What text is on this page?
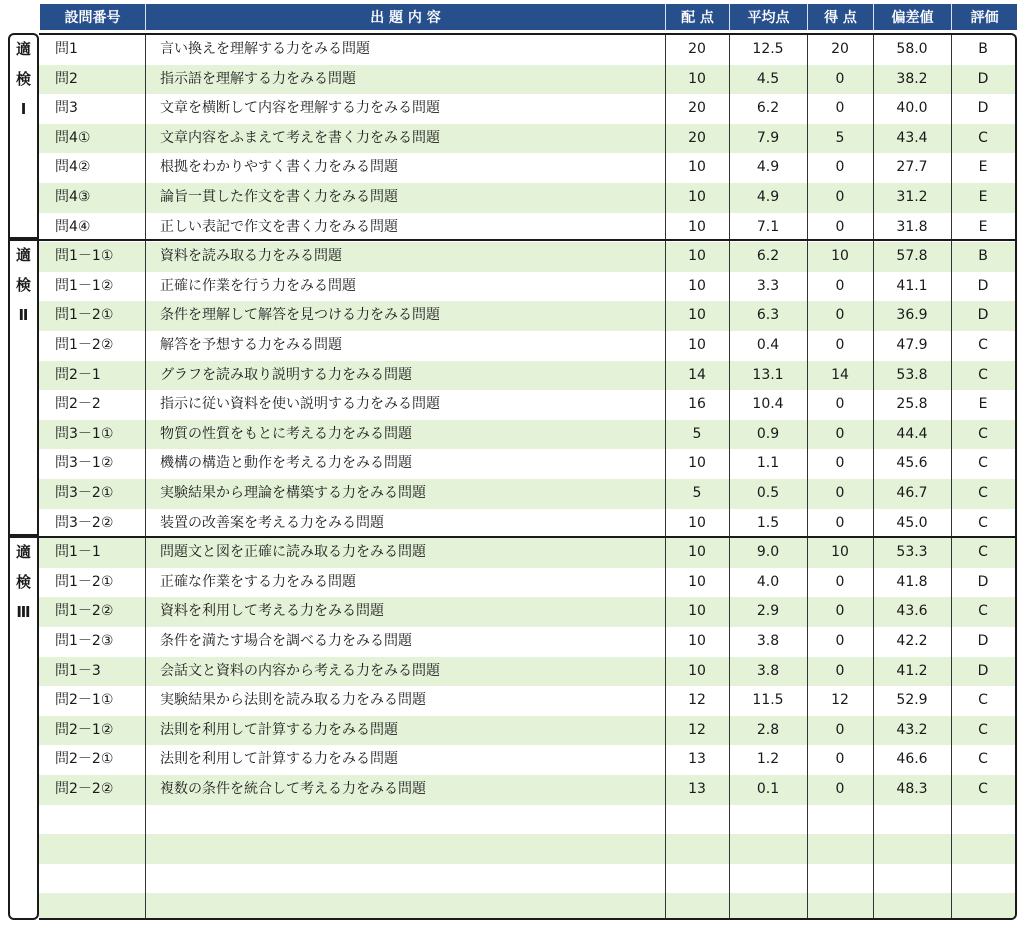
設問番号	出 題 内 容	配 点	平均点	得 点	偏差値	評価
適
検
Ⅰ
適
検
Ⅱ
適
検
Ⅲ
問1	言い換えを理解する力をみる問題	20	12.5	20	58.0	B
問2	指示語を理解する力をみる問題	10	4.5	0	38.2	D
問3	文章を横断して内容を理解する力をみる問題	20	6.2	0	40.0	D
問4①	文章内容をふまえて考えを書く力をみる問題	20	7.9	5	43.4	C
問4②	根拠をわかりやすく書く力をみる問題	10	4.9	0	27.7	E
問4③	論旨一貫した作文を書く力をみる問題	10	4.9	0	31.2	E
問4④	正しい表記で作文を書く力をみる問題	10	7.1	0	31.8	E
問1－1①	資料を読み取る力をみる問題	10	6.2	10	57.8	B
問1－1②	正確に作業を行う力をみる問題	10	3.3	0	41.1	D
問1－2①	条件を理解して解答を見つける力をみる問題	10	6.3	0	36.9	D
問1－2②	解答を予想する力をみる問題	10	0.4	0	47.9	C
問2－1	グラフを読み取り説明する力をみる問題	14	13.1	14	53.8	C
問2－2	指示に従い資料を使い説明する力をみる問題	16	10.4	0	25.8	E
問3－1①	物質の性質をもとに考える力をみる問題	5	0.9	0	44.4	C
問3－1②	機構の構造と動作を考える力をみる問題	10	1.1	0	45.6	C
問3－2①	実験結果から理論を構築する力をみる問題	5	0.5	0	46.7	C
問3－2②	装置の改善案を考える力をみる問題	10	1.5	0	45.0	C
問1－1	問題文と図を正確に読み取る力をみる問題	10	9.0	10	53.3	C
問1－2①	正確な作業をする力をみる問題	10	4.0	0	41.8	D
問1－2②	資料を利用して考える力をみる問題	10	2.9	0	43.6	C
問1－2③	条件を満たす場合を調べる力をみる問題	10	3.8	0	42.2	D
問1－3	会話文と資料の内容から考える力をみる問題	10	3.8	0	41.2	D
問2－1①	実験結果から法則を読み取る力をみる問題	12	11.5	12	52.9	C
問2－1②	法則を利用して計算する力をみる問題	12	2.8	0	43.2	C
問2－2①	法則を利用して計算する力をみる問題	13	1.2	0	46.6	C
問2－2②	複数の条件を統合して考える力をみる問題	13	0.1	0	48.3	C
